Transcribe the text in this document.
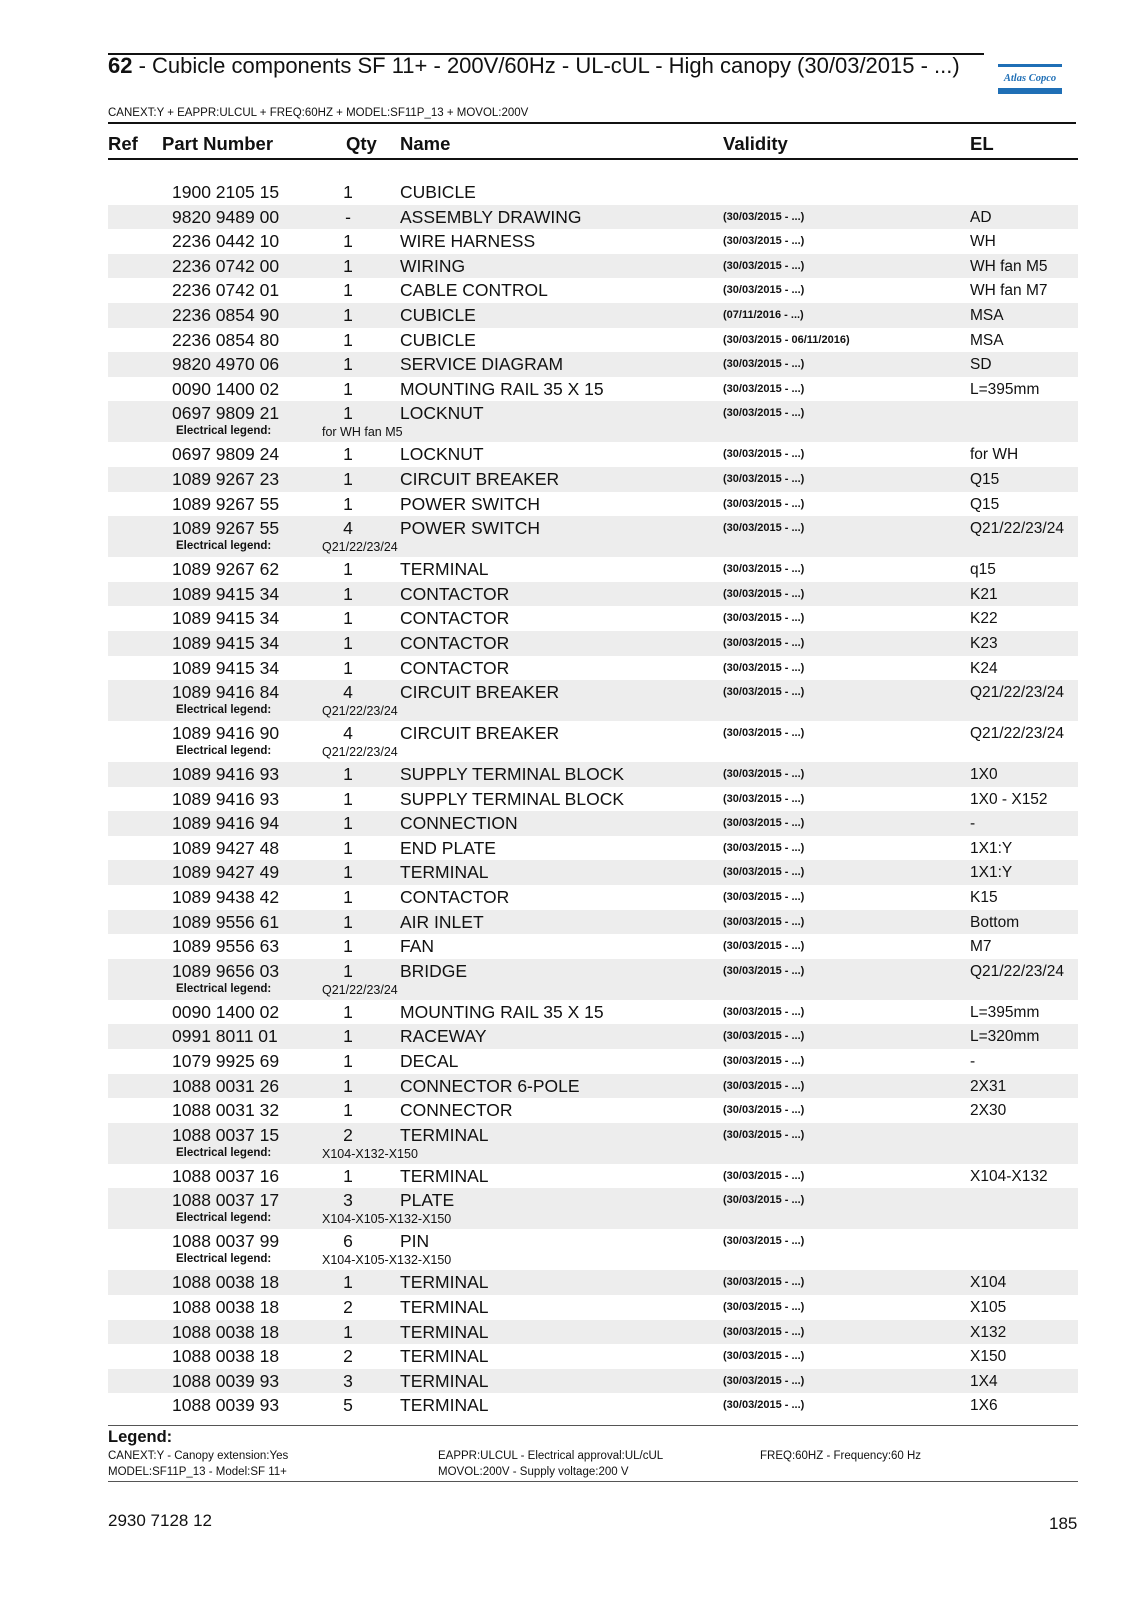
62 - Cubicle components SF 11+ - 200V/60Hz - UL-cUL - High canopy (30/03/2015 - ...)
CANEXT:Y + EAPPR:ULCUL + FREQ:60HZ + MODEL:SF11P_13 + MOVOL:200V
Atlas Copco
Ref Part Number	Qty Name	Validity	EL
1900 2105 15	1	CUBICLE
9820 9489 00	-	ASSEMBLY DRAWING	(30/03/2015 - ...)	AD
2236 0442 10	1	WIRE HARNESS	(30/03/2015 - ...)	WH
2236 0742 00	1	WIRING	(30/03/2015 - ...)	WH fan M5
2236 0742 01	1	CABLE CONTROL	(30/03/2015 - ...)	WH fan M7
2236 0854 90	1	CUBICLE	(07/11/2016 - ...)	MSA
2236 0854 80	1	CUBICLE	(30/03/2015 - 06/11/2016)	MSA
9820 4970 06	1	SERVICE DIAGRAM	(30/03/2015 - ...)	SD
0090 1400 02	1	MOUNTING RAIL 35 X 15	(30/03/2015 - ...)	L=395mm
0697 9809 21	1	LOCKNUT	(30/03/2015 - ...)
Electrical legend:	for WH fan M5
0697 9809 24	1	LOCKNUT	(30/03/2015 - ...)	for WH
1089 9267 23	1	CIRCUIT BREAKER	(30/03/2015 - ...)	Q15
1089 9267 55	1	POWER SWITCH	(30/03/2015 - ...)	Q15
1089 9267 55	4	POWER SWITCH	(30/03/2015 - ...)	Q21/22/23/24
Electrical legend:	Q21/22/23/24
1089 9267 62	1	TERMINAL	(30/03/2015 - ...)	q15
1089 9415 34	1	CONTACTOR	(30/03/2015 - ...)	K21
1089 9415 34	1	CONTACTOR	(30/03/2015 - ...)	K22
1089 9415 34	1	CONTACTOR	(30/03/2015 - ...)	K23
1089 9415 34	1	CONTACTOR	(30/03/2015 - ...)	K24
1089 9416 84	4	CIRCUIT BREAKER	(30/03/2015 - ...)	Q21/22/23/24
Electrical legend:	Q21/22/23/24
1089 9416 90	4	CIRCUIT BREAKER	(30/03/2015 - ...)	Q21/22/23/24
Electrical legend:	Q21/22/23/24
1089 9416 93	1	SUPPLY TERMINAL BLOCK	(30/03/2015 - ...)	1X0
1089 9416 93	1	SUPPLY TERMINAL BLOCK	(30/03/2015 - ...)	1X0 - X152
1089 9416 94	1	CONNECTION	(30/03/2015 - ...)	-
1089 9427 48	1	END PLATE	(30/03/2015 - ...)	1X1:Y
1089 9427 49	1	TERMINAL	(30/03/2015 - ...)	1X1:Y
1089 9438 42	1	CONTACTOR	(30/03/2015 - ...)	K15
1089 9556 61	1	AIR INLET	(30/03/2015 - ...)	Bottom
1089 9556 63	1	FAN	(30/03/2015 - ...)	M7
1089 9656 03	1	BRIDGE	(30/03/2015 - ...)	Q21/22/23/24
Electrical legend:	Q21/22/23/24
0090 1400 02	1	MOUNTING RAIL 35 X 15	(30/03/2015 - ...)	L=395mm
0991 8011 01	1	RACEWAY	(30/03/2015 - ...)	L=320mm
1079 9925 69	1	DECAL	(30/03/2015 - ...)	-
1088 0031 26	1	CONNECTOR 6-POLE	(30/03/2015 - ...)	2X31
1088 0031 32	1	CONNECTOR	(30/03/2015 - ...)	2X30
1088 0037 15	2	TERMINAL	(30/03/2015 - ...)
Electrical legend:	X104-X132-X150
1088 0037 16	1	TERMINAL	(30/03/2015 - ...)	X104-X132
1088 0037 17	3	PLATE	(30/03/2015 - ...)
Electrical legend:	X104-X105-X132-X150
1088 0037 99	6	PIN	(30/03/2015 - ...)
Electrical legend:	X104-X105-X132-X150
1088 0038 18	1	TERMINAL	(30/03/2015 - ...)	X104
1088 0038 18	2	TERMINAL	(30/03/2015 - ...)	X105
1088 0038 18	1	TERMINAL	(30/03/2015 - ...)	X132
1088 0038 18	2	TERMINAL	(30/03/2015 - ...)	X150
1088 0039 93	3	TERMINAL	(30/03/2015 - ...)	1X4
1088 0039 93	5	TERMINAL	(30/03/2015 - ...)	1X6
Legend:
CANEXT:Y - Canopy extension:Yes	EAPPR:ULCUL - Electrical approval:UL/cUL	FREQ:60HZ - Frequency:60 Hz
MODEL:SF11P_13 - Model:SF 11+	MOVOL:200V - Supply voltage:200 V
2930 7128 12	185
